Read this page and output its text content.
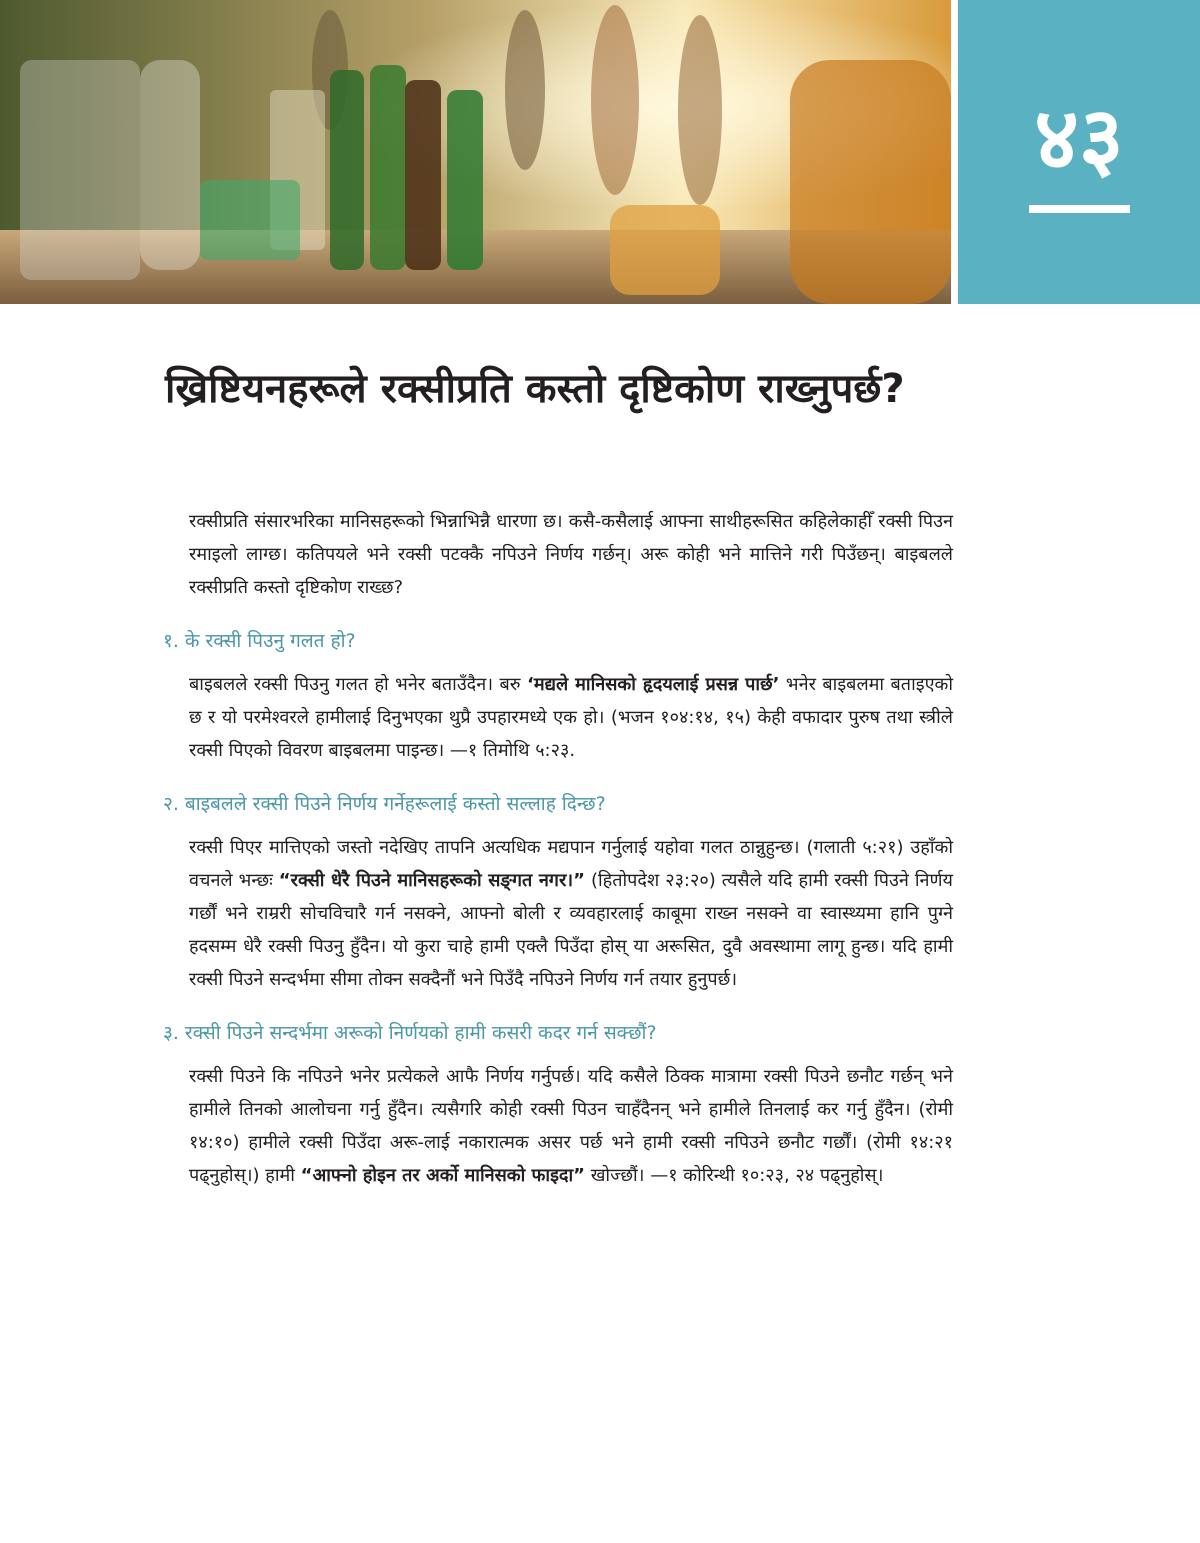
४३
ख्रिष्टियनहरूले रक्सीप्रति कस्तो दृष्टिकोण राख्नुपर्छ?

रक्सीप्रति संसारभरिका मानिसहरूको भिन्नाभिन्नै धारणा छ। कसै-कसैलाई आफ्ना साथीहरूसित कहिलेकाहीँ रक्सी पिउन रमाइलो लाग्छ। कतिपयले भने रक्सी पटक्कै नपिउने निर्णय गर्छन्। अरू कोही भने मात्तिने गरी पिउँछन्। बाइबलले रक्सीप्रति कस्तो दृष्टिकोण राख्छ?

१. के रक्सी पिउनु गलत हो?

बाइबलले रक्सी पिउनु गलत हो भनेर बताउँदैन। बरु ‘मद्यले मानिसको हृदयलाई प्रसन्न पार्छ’ भनेर बाइबलमा बताइएको छ र यो परमेश्‍वरले हामीलाई दिनुभएका थुप्रै उपहारमध्ये एक हो। (भजन १०४:१४, १५) केही वफादार पुरुष तथा स्त्रीले रक्सी पिएको विवरण बाइबलमा पाइन्छ। —१ तिमोथि ५:२३.

२. बाइबलले रक्सी पिउने निर्णय गर्नेहरूलाई कस्तो सल्लाह दिन्छ?

रक्सी पिएर मात्तिएको जस्तो नदेखिए तापनि अत्यधिक मद्यपान गर्नुलाई यहोवा गलत ठान्नुहुन्छ। (गलाती ५:२१) उहाँको वचनले भन्छः “रक्सी धेरै पिउने मानिसहरूको सङ्‌गत नगर।” (हितोपदेश २३:२०) त्यसैले यदि हामी रक्सी पिउने निर्णय गर्छौं भने राम्ररी सोचविचारै गर्न नसक्ने, आफ्नो बोली र व्यवहारलाई काबूमा राख्न नसक्ने वा स्वास्थ्यमा हानि पुग्ने हदसम्म धेरै रक्सी पिउनु हुँदैन। यो कुरा चाहे हामी एक्लै पिउँदा होस् या अरूसित, दुवै अवस्थामा लागू हुन्छ। यदि हामी रक्सी पिउने सन्दर्भमा सीमा तोक्न सक्दैनौं भने पिउँदै नपिउने निर्णय गर्न तयार हुनुपर्छ।

३. रक्सी पिउने सन्दर्भमा अरूको निर्णयको हामी कसरी कदर गर्न सक्छौं?

रक्सी पिउने कि नपिउने भनेर प्रत्येकले आफै निर्णय गर्नुपर्छ। यदि कसैले ठिक्क मात्रामा रक्सी पिउने छनौट गर्छन् भने हामीले तिनको आलोचना गर्नु हुँदैन। त्यसैगरि कोही रक्सी पिउन चाहँदैनन् भने हामीले तिनलाई कर गर्नु हुँदैन। (रोमी १४:१०) हामीले रक्सी पिउँदा अरू-लाई नकारात्मक असर पर्छ भने हामी रक्सी नपिउने छनौट गर्छौं। (रोमी १४:२१ पढ्नुहोस्।) हामी “आफ्नो होइन तर अर्को मानिसको फाइदा” खोज्छौं। —१ कोरिन्थी १०:२३, २४ पढ्नुहोस्।
